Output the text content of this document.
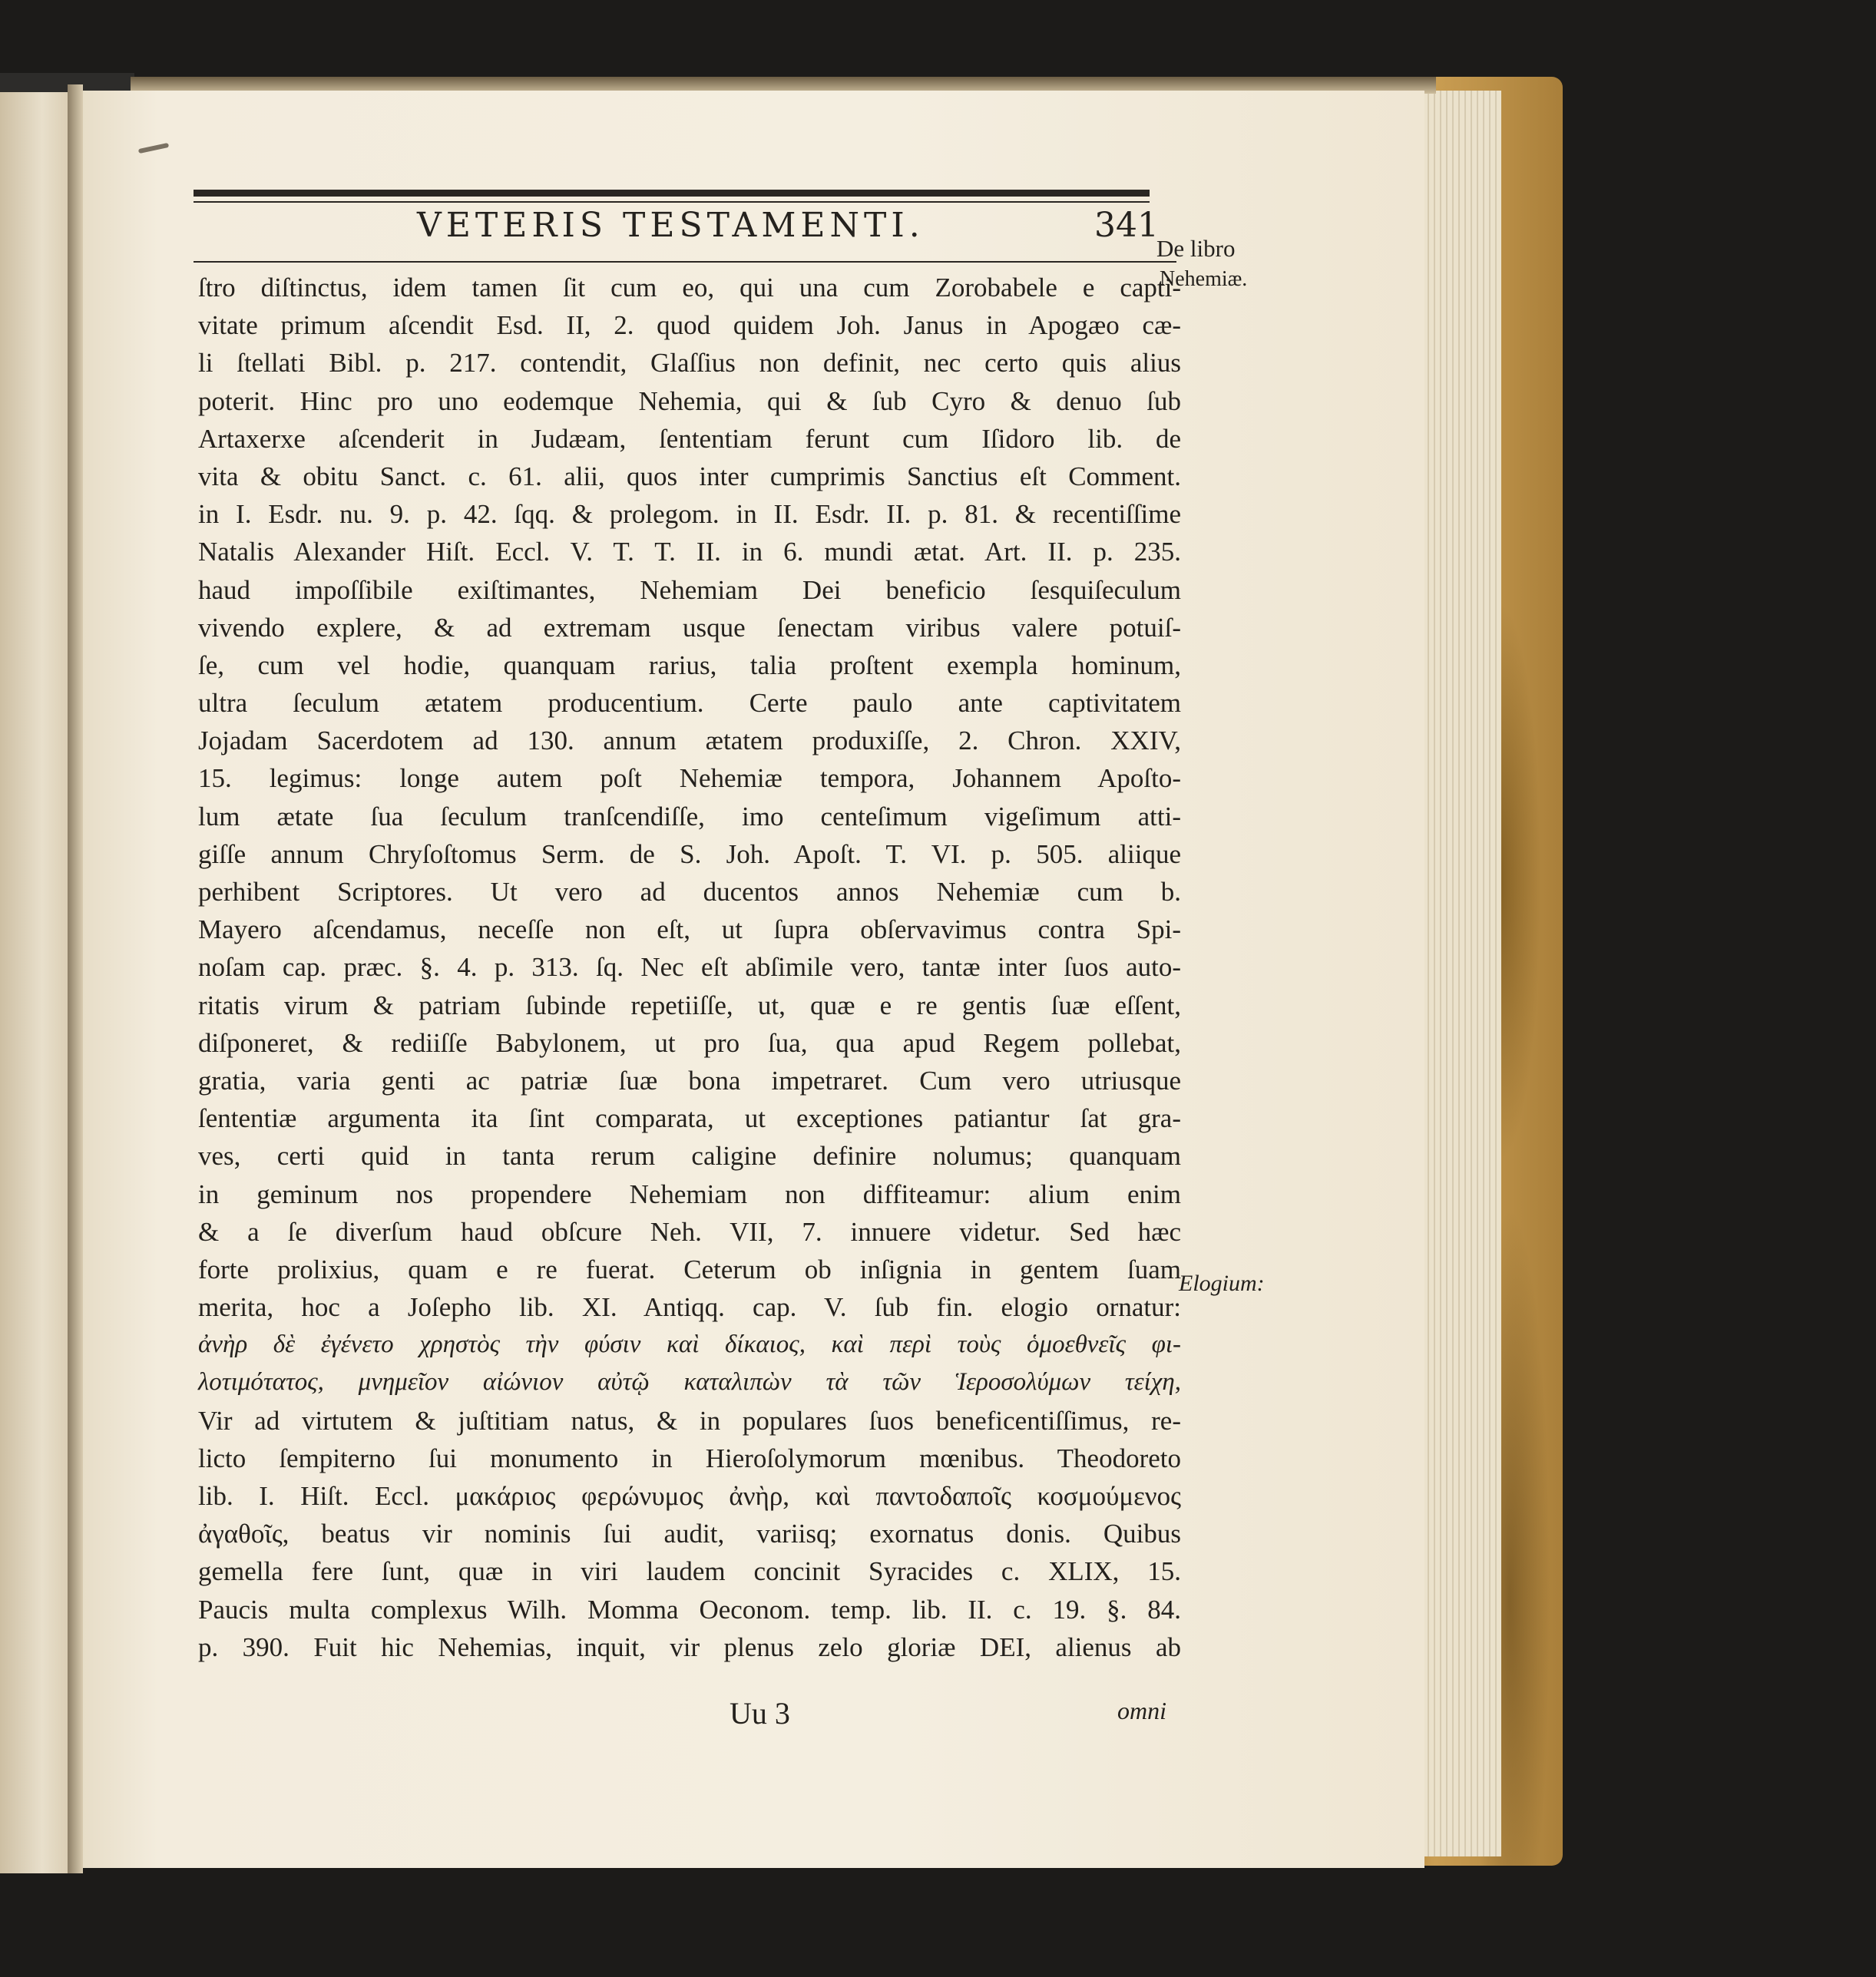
VETERIS TESTAMENTI.	341
De libro
Nehemiæ.
Elogium:
ſtro diſtinctus, idem tamen ſit cum eo, qui una cum Zorobabele e capti-
vitate primum aſcendit Esd. II, 2. quod quidem Joh. Janus in Apogæo cæ-
li ſtellati Bibl. p. 217. contendit, Glaſſius non definit, nec certo quis alius
poterit. Hinc pro uno eodemque Nehemia, qui & ſub Cyro & denuo ſub
Artaxerxe aſcenderit in Judæam, ſententiam ferunt cum Iſidoro lib. de
vita & obitu Sanct. c. 61. alii, quos inter cumprimis Sanctius eſt Comment.
in I. Esdr. nu. 9. p. 42. ſqq. & prolegom. in II. Esdr. II. p. 81. & recentiſſime
Natalis Alexander Hiſt. Eccl. V. T. T. II. in 6. mundi ætat. Art. II. p. 235.
haud impoſſibile exiſtimantes, Nehemiam Dei beneficio ſesquiſeculum
vivendo explere, & ad extremam usque ſenectam viribus valere potuiſ-
ſe, cum vel hodie, quanquam rarius, talia proſtent exempla hominum,
ultra ſeculum ætatem producentium. Certe paulo ante captivitatem
Jojadam Sacerdotem ad 130. annum ætatem produxiſſe, 2. Chron. XXIV,
15. legimus: longe autem poſt Nehemiæ tempora, Johannem Apoſto-
lum ætate ſua ſeculum tranſcendiſſe, imo centeſimum vigeſimum atti-
giſſe annum Chryſoſtomus Serm. de S. Joh. Apoſt. T. VI. p. 505. aliique
perhibent Scriptores. Ut vero ad ducentos annos Nehemiæ cum b.
Mayero aſcendamus, neceſſe non eſt, ut ſupra obſervavimus contra Spi-
noſam cap. præc. §. 4. p. 313. ſq. Nec eſt abſimile vero, tantæ inter ſuos auto-
ritatis virum & patriam ſubinde repetiiſſe, ut, quæ e re gentis ſuæ eſſent,
diſponeret, & rediiſſe Babylonem, ut pro ſua, qua apud Regem pollebat,
gratia, varia genti ac patriæ ſuæ bona impetraret. Cum vero utriusque
ſententiæ argumenta ita ſint comparata, ut exceptiones patiantur ſat gra-
ves, certi quid in tanta rerum caligine definire nolumus; quanquam
in geminum nos propendere Nehemiam non diffiteamur: alium enim
& a ſe diverſum haud obſcure Neh. VII, 7. innuere videtur. Sed hæc
forte prolixius, quam e re fuerat. Ceterum ob inſignia in gentem ſuam
merita, hoc a Joſepho lib. XI. Antiqq. cap. V. ſub fin. elogio ornatur:
ἀνὴρ δὲ ἐγένετο χρηστὸς τὴν φύσιν καὶ δίκαιος, καὶ περὶ τοὺς ὁμοεθνεῖς φι-
λοτιμότατος, μνημεῖον αἰώνιον αὐτῷ καταλιπὼν τὰ τῶν Ἱεροσολύμων τείχη,
Vir ad virtutem & juſtitiam natus, & in populares ſuos beneficentiſſimus, re-
licto ſempiterno ſui monumento in Hieroſolymorum mœnibus. Theodoreto
lib. I. Hiſt. Eccl. μακάριος φερώνυμος ἀνὴρ, καὶ παντοδαποῖς κοσμούμενος
ἀγαθοῖς, beatus vir nominis ſui audit, variisq; exornatus donis. Quibus
gemella fere ſunt, quæ in viri laudem concinit Syracides c. XLIX, 15.
Paucis multa complexus Wilh. Momma Oeconom. temp. lib. II. c. 19. §. 84.
p. 390. Fuit hic Nehemias, inquit, vir plenus zelo gloriæ DEI, alienus ab
Uu 3	omni
